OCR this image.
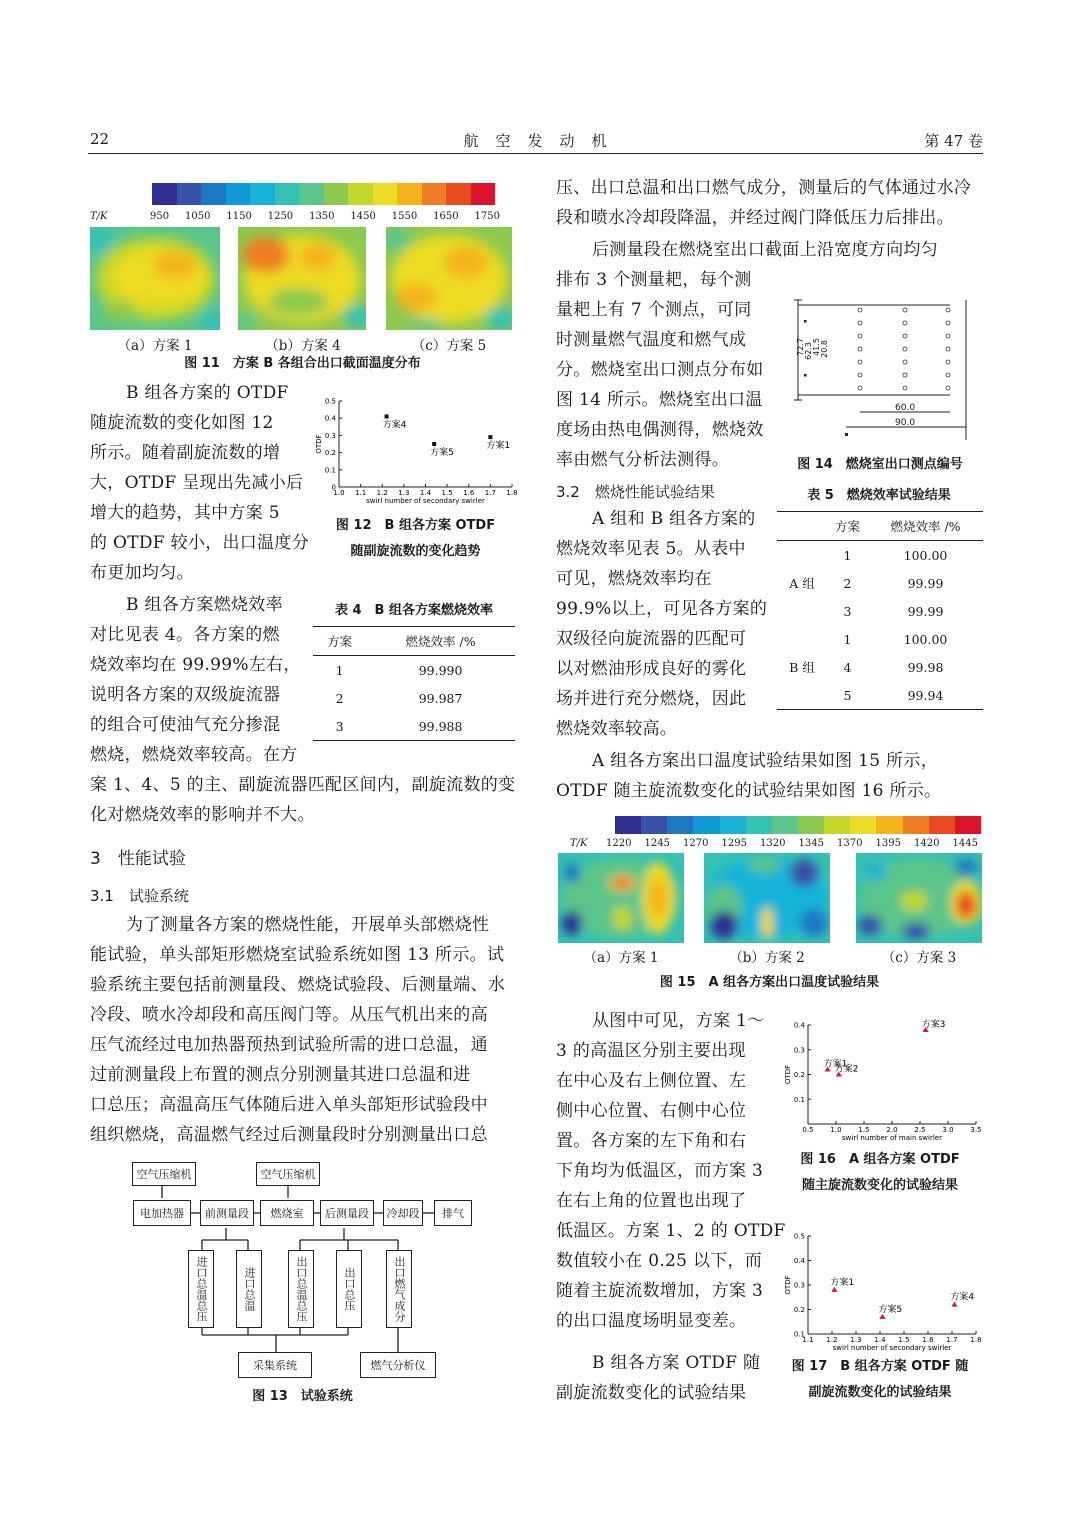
22	航　空　发　动　机	第 47 卷
T/K	950 1050 1150 1250 1350 1450 1550 1650 1750
（a）方案 1	（b）方案 4	（c）方案 5
图 11　方案 B 各组合出口截面温度分布
B 组各方案的 OTDF
随旋流数的变化如图 12
所示。随着副旋流数的增
大，OTDF 呈现出先减小后
增大的趋势，其中方案 5
的 OTDF 较小，出口温度分
布更加均匀。
0.5
0.4
0.3
0.2
0.1
0
1.0 1.1 1.2 1.3 1.4 1.5 1.6 1.7 1.8
swirl number of secondary swirler
OTDF
方案4
方案5
方案1
图 12　B 组各方案 OTDF
随副旋流数的变化趋势
B 组各方案燃烧效率
对比见表 4。各方案的燃
烧效率均在 99.99%左右，
说明各方案的双级旋流器
的组合可使油气充分掺混
燃烧，燃烧效率较高。在方
表 4　B 组各方案燃烧效率
方案	燃烧效率 /%
1	99.990
2	99.987
3	99.988
案 1、4、5 的主、副旋流器匹配区间内，副旋流数的变
化对燃烧效率的影响并不大。
3　性能试验
3.1　试验系统
为了测量各方案的燃烧性能，开展单头部燃烧性
能试验，单头部矩形燃烧室试验系统如图 13 所示。试
验系统主要包括前测量段、燃烧试验段、后测量端、水
冷段、喷水冷却段和高压阀门等。从压气机出来的高
压气流经过电加热器预热到试验所需的进口总温，通
过前测量段上布置的测点分别测量其进口总温和进
口总压；高温高压气体随后进入单头部矩形试验段中
组织燃烧，高温燃气经过后测量段时分别测量出口总
空气压缩机	空气压缩机
电加热器	前测量段	燃烧室	后测量段	冷却段	排气
进口总温总压	进口总温	出口总温总压	出口总压	出口燃气成分
采集系统	燃气分析仪
图 13　试验系统
压、出口总温和出口燃气成分，测量后的气体通过水冷
段和喷水冷却段降温，并经过阀门降低压力后排出。
后测量段在燃烧室出口截面上沿宽度方向均匀
排布 3 个测量耙，每个测
量耙上有 7 个测点，可同
时测量燃气温度和燃气成
分。燃烧室出口测点分布如
图 14 所示。燃烧室出口温
度场由热电偶测得，燃烧效
率由燃气分析法测得。
72.7 62.3 41.5 20.8
60.0
90.0
图 14　燃烧室出口测点编号
3.2　燃烧性能试验结果
A 组和 B 组各方案的
燃烧效率见表 5。从表中
可见，燃烧效率均在
99.9%以上，可见各方案的
双级径向旋流器的匹配可
以对燃油形成良好的雾化
场并进行充分燃烧，因此
燃烧效率较高。
表 5　燃烧效率试验结果
	方案	燃烧效率 /%
A 组	1	100.00
	2	99.99
	3	99.99
B 组	1	100.00
	4	99.98
	5	99.94
A 组各方案出口温度试验结果如图 15 所示，
OTDF 随主旋流数变化的试验结果如图 16 所示。
T/K 1220 1245 1270 1295 1320 1345 1370 1395 1420 1445
（a）方案 1	（b）方案 2	（c）方案 3
图 15　A 组各方案出口温度试验结果
从图中可见，方案 1～
3 的高温区分别主要出现
在中心及右上侧位置、左
侧中心位置、右侧中心位
置。各方案的左下角和右
下角均为低温区，而方案 3
在右上角的位置也出现了
低温区。方案 1、2 的 OTDF
数值较小在 0.25 以下，而
随着主旋流数增加，方案 3
的出口温度场明显变差。
B 组各方案 OTDF 随
副旋流数变化的试验结果
0.4
0.3
0.2
0.1
0.5 1.0 1.5 2.0 2.5 3.0 3.5
swirl number of main swirler
OTDF
方案1
方案2
方案3
图 16　A 组各方案 OTDF
随主旋流数变化的试验结果
0.5
0.4
0.3
0.2
0.1
1.1 1.2 1.3 1.4 1.5 1.6 1.7 1.8
swirl number of secondary swirler
OTDF	方案1
方案5
方案4
图 17　B 组各方案 OTDF 随
副旋流数变化的试验结果
